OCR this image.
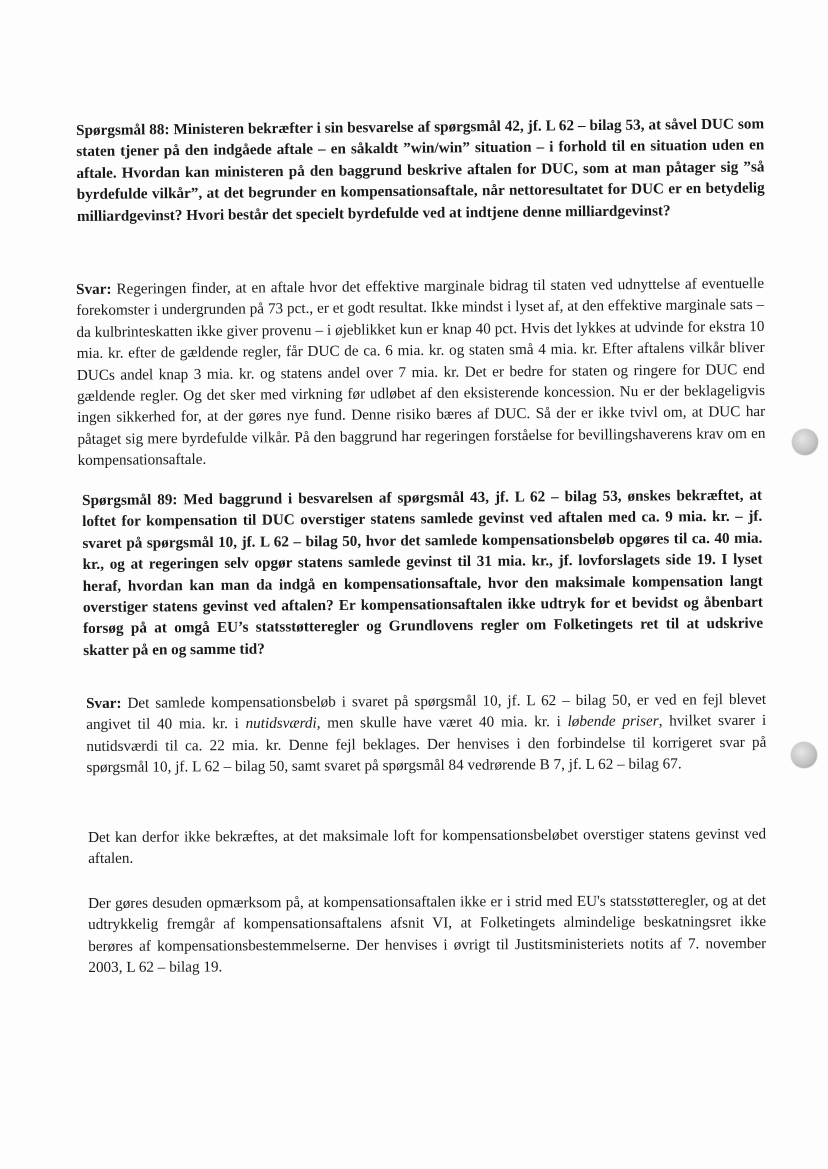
Spørgsmål 88: Ministeren bekræfter i sin besvarelse af spørgsmål 42, jf. L 62 – bilag 53, at såvel DUC som staten tjener på den indgåede aftale – en såkaldt ”win/win” situation – i forhold til en situation uden en aftale. Hvordan kan ministeren på den baggrund beskrive aftalen for DUC, som at man påtager sig ”så byrdefulde vilkår”, at det begrunder en kompensationsaftale, når nettoresultatet for DUC er en betydelig milliardgevinst? Hvori består det specielt byrdefulde ved at indtjene denne milliardgevinst?

Svar: Regeringen finder, at en aftale hvor det effektive marginale bidrag til staten ved udnyttelse af eventuelle forekomster i undergrunden på 73 pct., er et godt resultat. Ikke mindst i lyset af, at den effektive marginale sats – da kulbrinteskatten ikke giver provenu – i øjeblikket kun er knap 40 pct. Hvis det lykkes at udvinde for ekstra 10 mia. kr. efter de gældende regler, får DUC de ca. 6 mia. kr. og staten små 4 mia. kr. Efter aftalens vilkår bliver DUCs andel knap 3 mia. kr. og statens andel over 7 mia. kr. Det er bedre for staten og ringere for DUC end gældende regler. Og det sker med virkning før udløbet af den eksisterende koncession. Nu er der beklageligvis ingen sikkerhed for, at der gøres nye fund. Denne risiko bæres af DUC. Så der er ikke tvivl om, at DUC har påtaget sig mere byrdefulde vilkår. På den baggrund har regeringen forståelse for bevillingshaverens krav om en kompensationsaftale.

Spørgsmål 89: Med baggrund i besvarelsen af spørgsmål 43, jf. L 62 – bilag 53, ønskes bekræftet, at loftet for kompensation til DUC overstiger statens samlede gevinst ved aftalen med ca. 9 mia. kr. – jf. svaret på spørgsmål 10, jf. L 62 – bilag 50, hvor det samlede kompensationsbeløb opgøres til ca. 40 mia. kr., og at regeringen selv opgør statens samlede gevinst til 31 mia. kr., jf. lovforslagets side 19. I lyset heraf, hvordan kan man da indgå en kompensationsaftale, hvor den maksimale kompensation langt overstiger statens gevinst ved aftalen? Er kompensationsaftalen ikke udtryk for et bevidst og åbenbart forsøg på at omgå EU’s statsstøtteregler og Grundlovens regler om Folketingets ret til at udskrive skatter på en og samme tid?

Svar: Det samlede kompensationsbeløb i svaret på spørgsmål 10, jf. L 62 – bilag 50, er ved en fejl blevet angivet til 40 mia. kr. i nutidsværdi, men skulle have været 40 mia. kr. i løbende priser, hvilket svarer i nutidsværdi til ca. 22 mia. kr. Denne fejl beklages. Der henvises i den forbindelse til korrigeret svar på spørgsmål 10, jf. L 62 – bilag 50, samt svaret på spørgsmål 84 vedrørende B 7, jf. L 62 – bilag 67.

Det kan derfor ikke bekræftes, at det maksimale loft for kompensationsbeløbet overstiger statens gevinst ved aftalen.

Der gøres desuden opmærksom på, at kompensationsaftalen ikke er i strid med EU's statsstøtteregler, og at det udtrykkelig fremgår af kompensationsaftalens afsnit VI, at Folketingets almindelige beskatningsret ikke berøres af kompensationsbestemmelserne. Der henvises i øvrigt til Justitsministeriets notits af 7. november 2003, L 62 – bilag 19.
